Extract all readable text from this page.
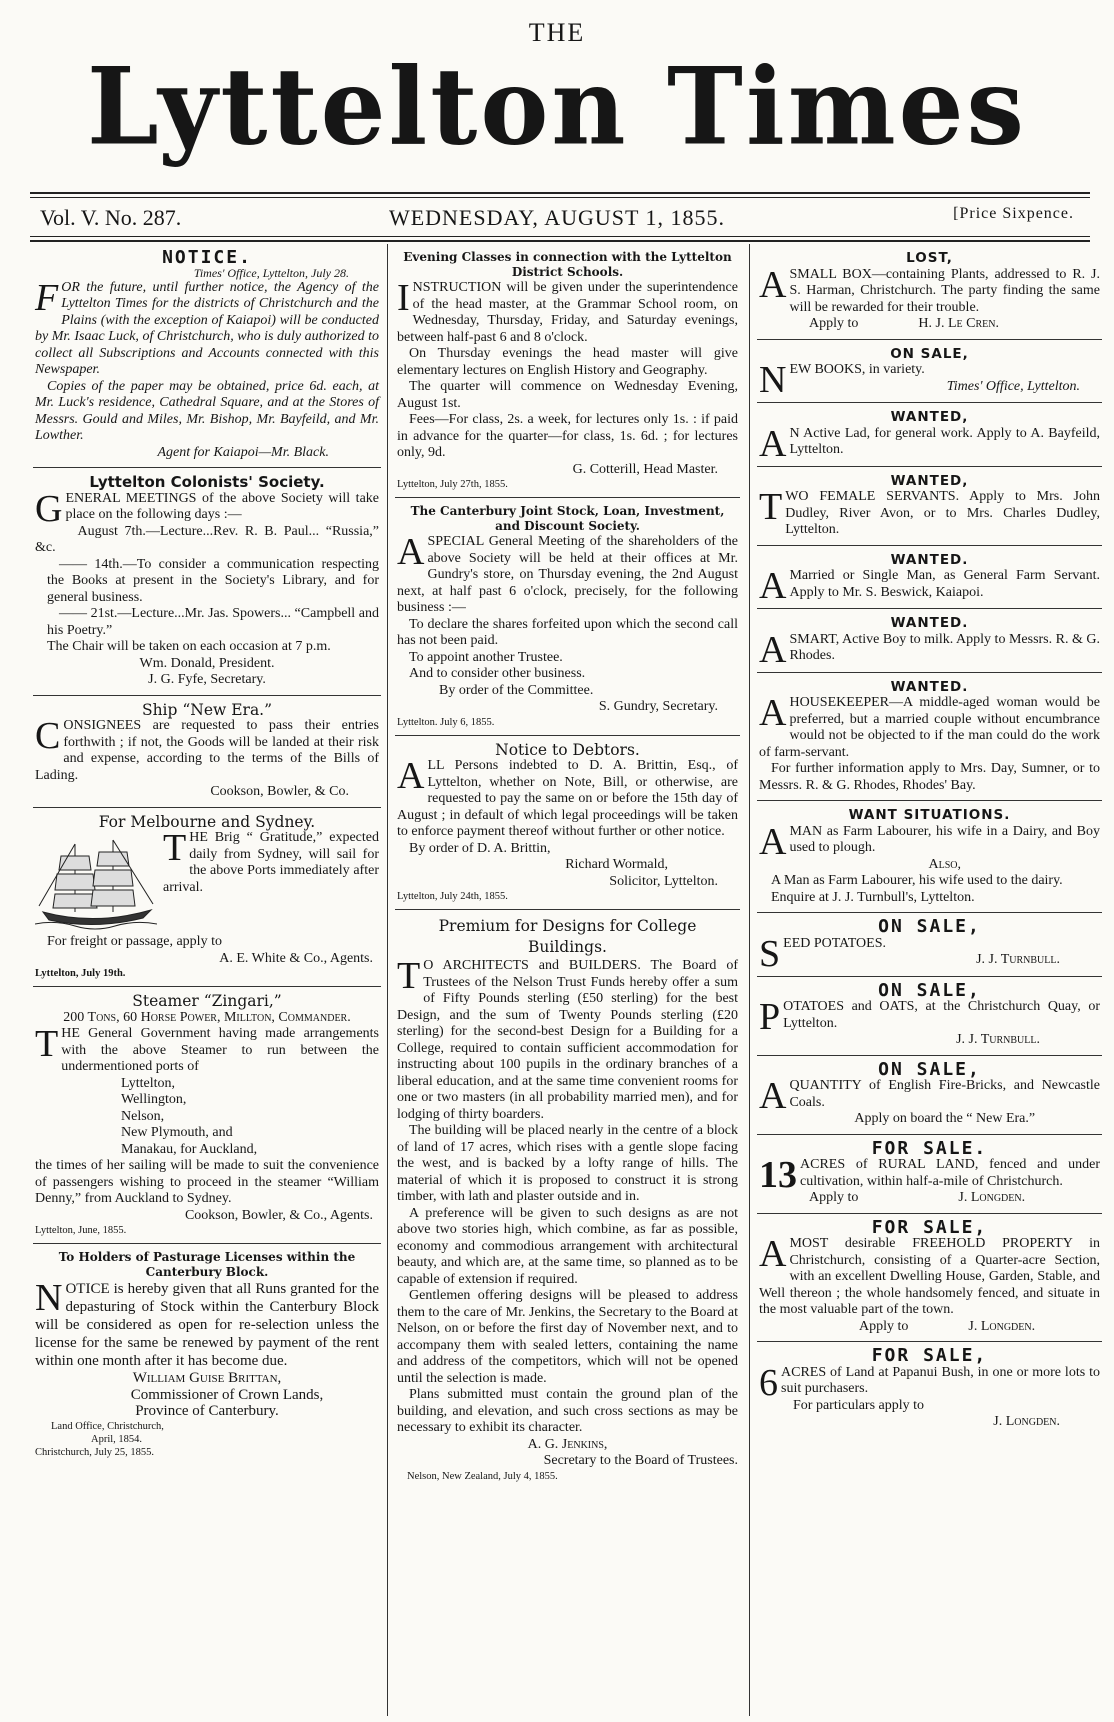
THE
Lyttelton Times
Vol. V. No. 287.	WEDNESDAY, AUGUST 1, 1855.	[Price Sixpence.
NOTICE.
Times' Office, Lyttelton, July 28.
FOR the future, until further notice, the Agency of the Lyttelton Times for the districts of Christchurch and the Plains (with the exception of Kaiapoi) will be conducted by Mr. Isaac Luck, of Christchurch, who is duly authorized to collect all Subscriptions and Accounts connected with this Newspaper.
Copies of the paper may be obtained, price 6d. each, at Mr. Luck's residence, Cathedral Square, and at the Stores of Messrs. Gould and Miles, Mr. Bishop, Mr. Bayfeild, and Mr. Lowther.
Agent for Kaiapoi—Mr. Black.
Lyttelton Colonists' Society.
GENERAL MEETINGS of the above Society will take place on the following days :—
August 7th.—Lecture...Rev. R. B. Paul... “Russia,” &c.
—— 14th.—To consider a communication respecting the Books at present in the Society's Library, and for general business.
—— 21st.—Lecture...Mr. Jas. Spowers... “Campbell and his Poetry.”
The Chair will be taken on each occasion at 7 p.m.
Wm. Donald, President.
J. G. Fyfe, Secretary.
Ship “New Era.”
CONSIGNEES are requested to pass their entries forthwith ; if not, the Goods will be landed at their risk and expense, according to the terms of the Bills of Lading.
Cookson, Bowler, & Co.
For Melbourne and Sydney.
THE Brig “ Gratitude,” expected daily from Sydney, will sail for the above Ports immediately after arrival.
For freight or passage, apply to
A. E. White & Co., Agents.
Lyttelton, July 19th.
Steamer “Zingari,”
200 Tons, 60 Horse Power, Millton, Commander.
THE General Government having made arrangements with the above Steamer to run between the undermentioned ports of
Lyttelton,
Wellington,
Nelson,
New Plymouth, and
Manakau, for Auckland,
the times of her sailing will be made to suit the convenience of passengers wishing to proceed in the steamer “William Denny,” from Auckland to Sydney.
Cookson, Bowler, & Co., Agents.
Lyttelton, June, 1855.
To Holders of Pasturage Licenses within the Canterbury Block.
NOTICE is hereby given that all Runs granted for the depasturing of Stock within the Canterbury Block will be considered as open for re-selection unless the license for the same be renewed by payment of the rent within one month after it has become due.
William Guise Brittan,
Commissioner of Crown Lands,
Province of Canterbury.
Land Office, Christchurch,
April, 1854.
Christchurch, July 25, 1855.
Evening Classes in connection with the Lyttelton District Schools.
INSTRUCTION will be given under the superintendence of the head master, at the Grammar School room, on Wednesday, Thursday, Friday, and Saturday evenings, between half-past 6 and 8 o'clock.
On Thursday evenings the head master will give elementary lectures on English History and Geography.
The quarter will commence on Wednesday Evening, August 1st.
Fees—For class, 2s. a week, for lectures only 1s. : if paid in advance for the quarter—for class, 1s. 6d. ; for lectures only, 9d.
G. Cotterill, Head Master.
Lyttelton, July 27th, 1855.
The Canterbury Joint Stock, Loan, Investment, and Discount Society.
ASPECIAL General Meeting of the shareholders of the above Society will be held at their offices at Mr. Gundry's store, on Thursday evening, the 2nd August next, at half past 6 o'clock, precisely, for the following business :—
To declare the shares forfeited upon which the second call has not been paid.
To appoint another Trustee.
And to consider other business.
By order of the Committee.
S. Gundry, Secretary.
Lyttelton. July 6, 1855.
Notice to Debtors.
ALL Persons indebted to D. A. Brittin, Esq., of Lyttelton, whether on Note, Bill, or otherwise, are requested to pay the same on or before the 15th day of August ; in default of which legal proceedings will be taken to enforce payment thereof without further or other notice.
By order of D. A. Brittin,
Richard Wormald,
Solicitor, Lyttelton.
Lyttelton, July 24th, 1855.
Premium for Designs for College Buildings.
T O ARCHITECTS and BUILDERS. The Board of Trustees of the Nelson Trust Funds hereby offer a sum of Fifty Pounds sterling (£50 sterling) for the best Design, and the sum of Twenty Pounds sterling (£20 sterling) for the second-best Design for a Building for a College, required to contain sufficient accommodation for instructing about 100 pupils in the ordinary branches of a liberal education, and at the same time convenient rooms for one or two masters (in all probability married men), and for lodging of thirty boarders.
The building will be placed nearly in the centre of a block of land of 17 acres, which rises with a gentle slope facing the west, and is backed by a lofty range of hills. The material of which it is proposed to construct it is strong timber, with lath and plaster outside and in.
A preference will be given to such designs as are not above two stories high, which combine, as far as possible, economy and commodious arrangement with architectural beauty, and which are, at the same time, so planned as to be capable of extension if required.
Gentlemen offering designs will be pleased to address them to the care of Mr. Jenkins, the Secretary to the Board at Nelson, on or before the first day of November next, and to accompany them with sealed letters, containing the name and address of the competitors, which will not be opened until the selection is made.
Plans submitted must contain the ground plan of the building, and elevation, and such cross sections as may be necessary to exhibit its character.
A. G. Jenkins,
Secretary to the Board of Trustees.
Nelson, New Zealand, July 4, 1855.
LOST,
ASMALL BOX—containing Plants, addressed to R. J. S. Harman, Christchurch. The party finding the same will be rewarded for their trouble.
Apply to	H. J. Le Cren.
ON SALE,
NEW BOOKS, in variety.
Times' Office, Lyttelton.
WANTED,
A N Active Lad, for general work. Apply to A. Bayfeild, Lyttelton.
WANTED,
TWO FEMALE SERVANTS. Apply to Mrs. John Dudley, River Avon, or to Mrs. Charles Dudley, Lyttelton.
WANTED.
A Married or Single Man, as General Farm Servant. Apply to Mr. S. Beswick, Kaiapoi.
WANTED.
ASMART, Active Boy to milk. Apply to Messrs. R. & G. Rhodes.
WANTED.
AHOUSEKEEPER—A middle-aged woman would be preferred, but a married couple without encumbrance would not be objected to if the man could do the work of farm-servant.
For further information apply to Mrs. Day, Sumner, or to Messrs. R. & G. Rhodes, Rhodes' Bay.
WANT SITUATIONS.
AMAN as Farm Labourer, his wife in a Dairy, and Boy used to plough.
Also,
A Man as Farm Labourer, his wife used to the dairy.
Enquire at J. J. Turnbull's, Lyttelton.
ON SALE,
SEED POTATOES.
J. J. Turnbull.
ON SALE,
POTATOES and OATS, at the Christchurch Quay, or Lyttelton.
J. J. Turnbull.
ON SALE,
AQUANTITY of English Fire-Bricks, and Newcastle Coals.
Apply on board the “ New Era.”
FOR SALE.
13 ACRES of RURAL LAND, fenced and under cultivation, within half-a-mile of Christchurch.
Apply to	J. Longden.
FOR SALE,
AMOST desirable FREEHOLD PROPERTY in Christchurch, consisting of a Quarter-acre Section, with an excellent Dwelling House, Garden, Stable, and Well thereon ; the whole handsomely fenced, and situate in the most valuable part of the town.
Apply to	J. Longden.
FOR SALE,
6 ACRES of Land at Papanui Bush, in one or more lots to suit purchasers.
For particulars apply to
J. Longden.
